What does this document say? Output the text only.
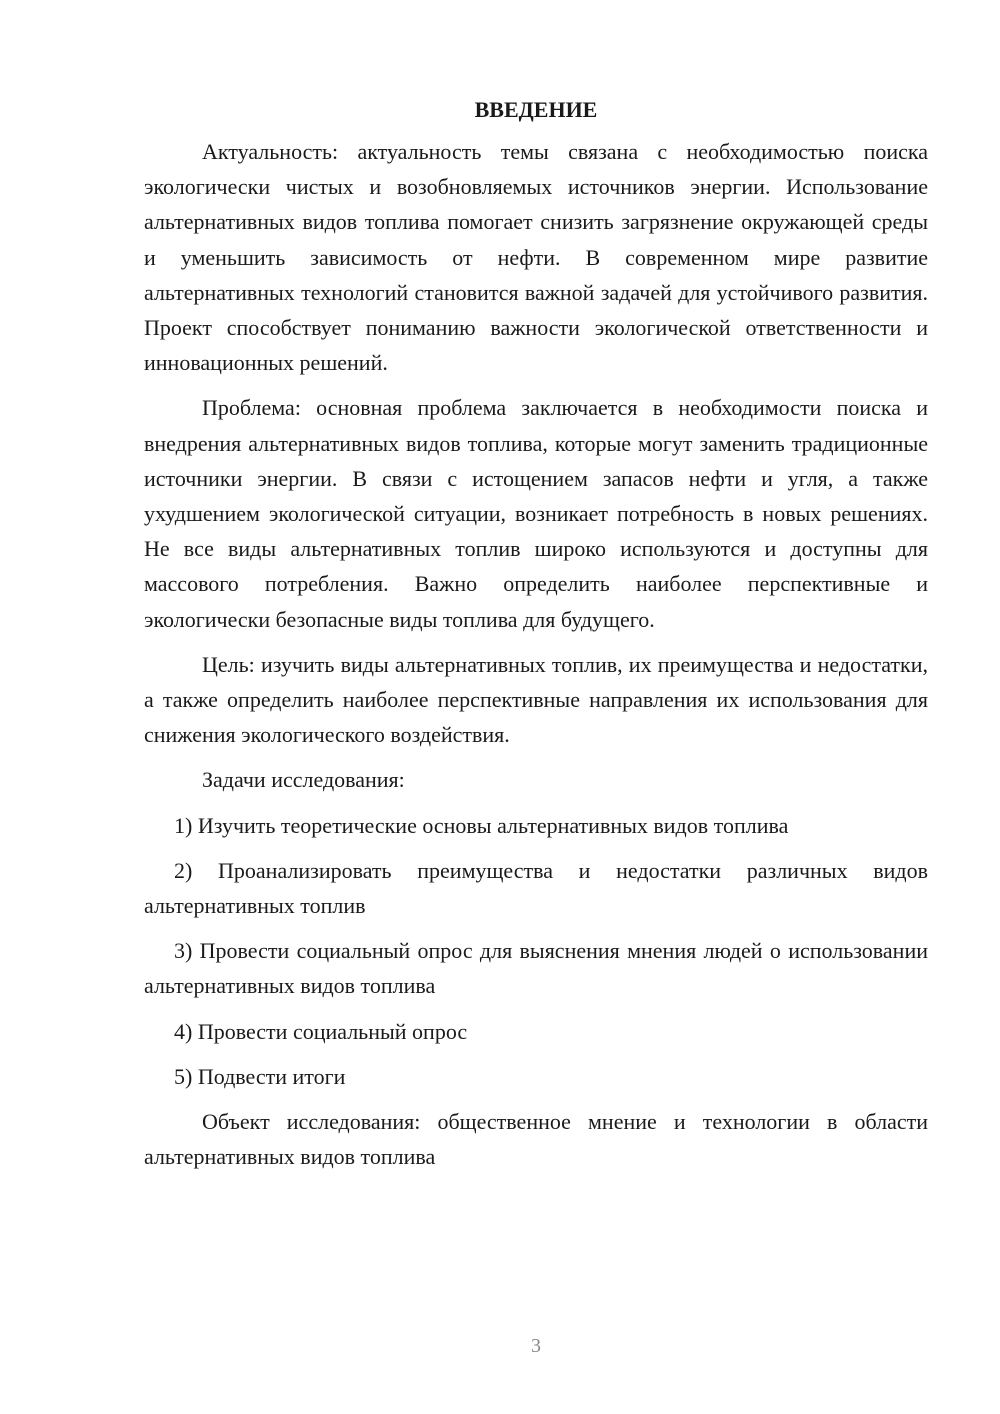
ВВЕДЕНИЕ

Актуальность: актуальность темы связана с необходимостью поиска экологически чистых и возобновляемых источников энергии. Использование альтернативных видов топлива помогает снизить загрязнение окружающей среды и уменьшить зависимость от нефти. В современном мире развитие альтернативных технологий становится важной задачей для устойчивого развития. Проект способствует пониманию важности экологической ответственности и инновационных решений.

Проблема: основная проблема заключается в необходимости поиска и внедрения альтернативных видов топлива, которые могут заменить традиционные источники энергии. В связи с истощением запасов нефти и угля, а также ухудшением экологической ситуации, возникает потребность в новых решениях. Не все виды альтернативных топлив широко используются и доступны для массового потребления. Важно определить наиболее перспективные и экологически безопасные виды топлива для будущего.

Цель: изучить виды альтернативных топлив, их преимущества и недостатки, а также определить наиболее перспективные направления их использования для снижения экологического воздействия.

Задачи исследования:

1) Изучить теоретические основы альтернативных видов топлива

2) Проанализировать преимущества и недостатки различных видов альтернативных топлив

3) Провести социальный опрос для выяснения мнения людей о использовании альтернативных видов топлива

4) Провести социальный опрос

5) Подвести итоги

Объект исследования: общественное мнение и технологии в области альтернативных видов топлива

3
